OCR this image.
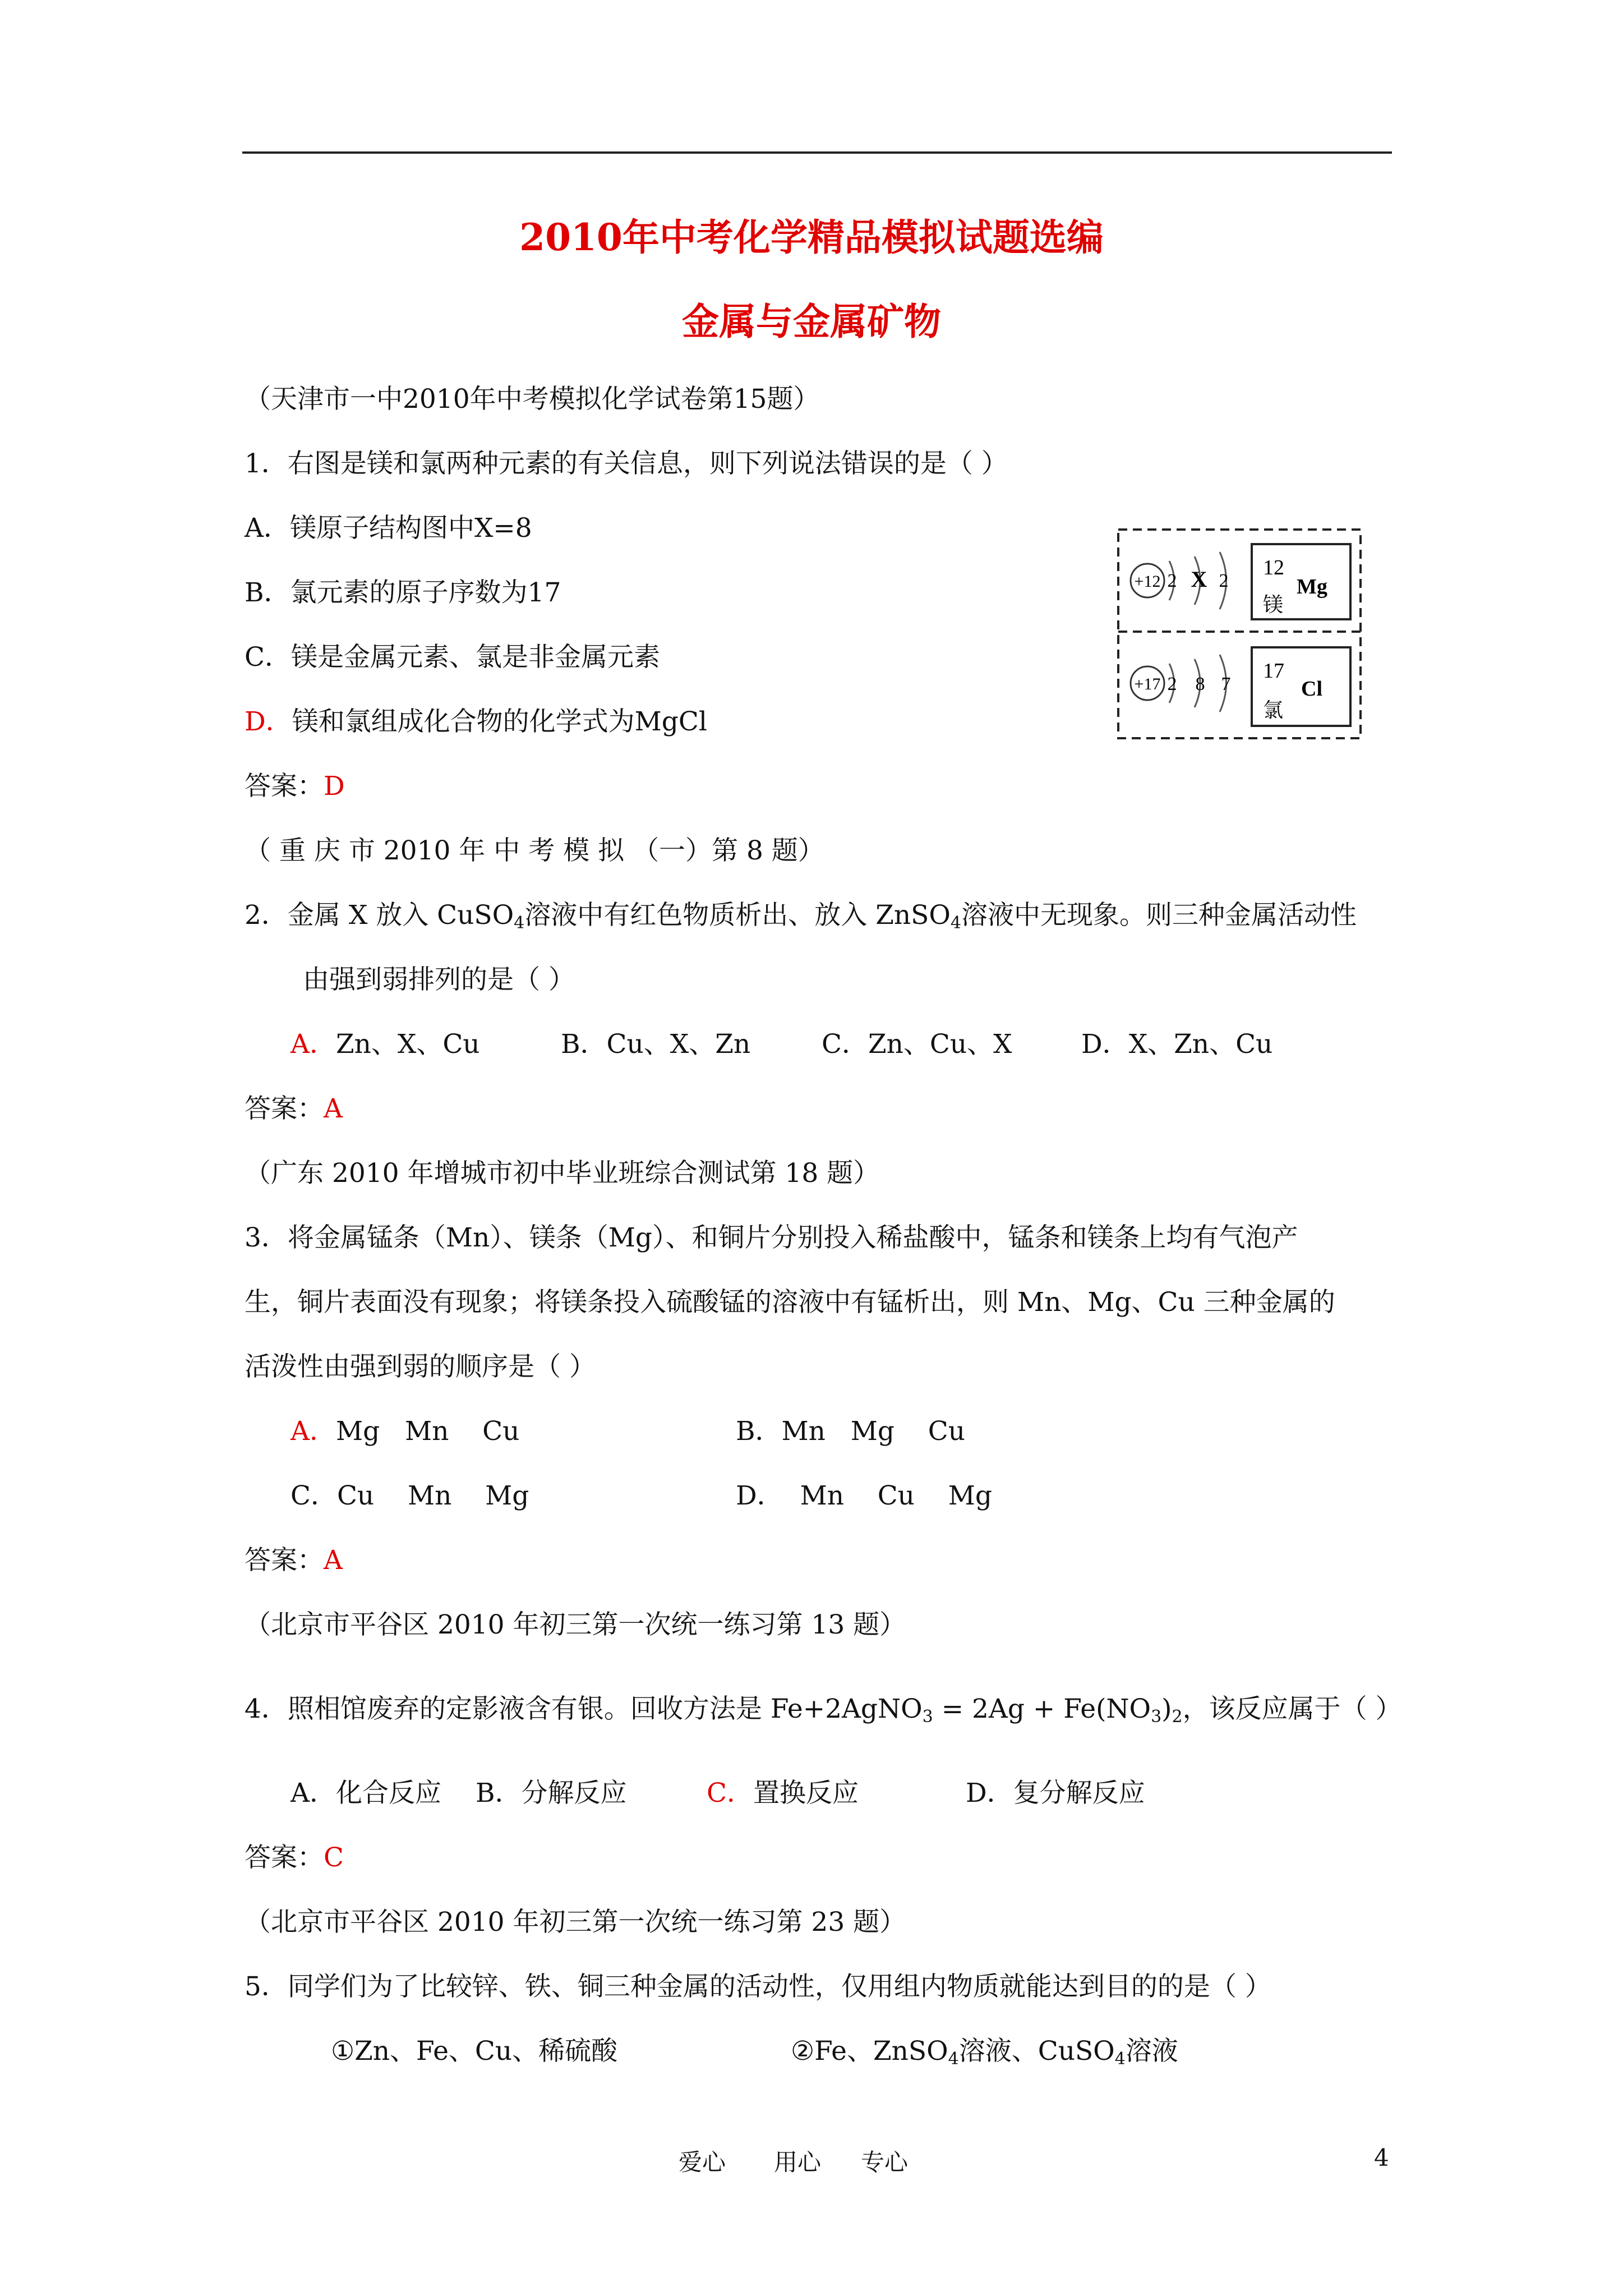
2010年中考化学精品模拟试题选编
金属与金属矿物
（天津市一中2010年中考模拟化学试卷第15题）
1．右图是镁和氯两种元素的有关信息，则下列说法错误的是（ ）
A．镁原子结构图中X=8
B．氯元素的原子序数为17
C．镁是金属元素、氯是非金属元素
D．镁和氯组成化合物的化学式为MgCl
答案：D
+12 2 X 2
12
Mg
镁
+17 2 8 7
17
Cl
氯
（ 重 庆 市 2010 年 中 考 模 拟 （一）第 8 题）
2．金属 X 放入 CuSO$_4$溶液中有红色物质析出、放入 ZnSO$_4$溶液中无现象。则三种金属活动性
由强到弱排列的是（ ）
A．Zn、X、Cu	B．Cu、X、Zn	C．Zn、Cu、X	D．X、Zn、Cu
答案：A
（广东 2010 年增城市初中毕业班综合测试第 18 题）
3．将金属锰条（Mn）、镁条（Mg）、和铜片分别投入稀盐酸中，锰条和镁条上均有气泡产
生，铜片表面没有现象；将镁条投入硫酸锰的溶液中有锰析出，则 Mn、Mg、Cu 三种金属的
活泼性由强到弱的顺序是（ ）
A．Mg   Mn    Cu	B．Mn   Mg    Cu
C．Cu    Mn    Mg	D．  Mn    Cu    Mg
答案：A
（北京市平谷区 2010 年初三第一次统一练习第 13 题）
4．照相馆废弃的定影液含有银。回收方法是 Fe+2AgNO$_3$ = $2Ag + Fe(NO_3)_2$，该反应属于（ ）
A．化合反应 B．分解反应	C．置换反应	D．复分解反应
答案：C
（北京市平谷区 2010 年初三第一次统一练习第 23 题）
5．同学们为了比较锌、铁、铜三种金属的活动性，仅用组内物质就能达到目的的是（ ）
①Zn、Fe、Cu、稀硫酸	②Fe、ZnSO$_4$溶液、CuSO$_4$溶液
爱心 用心 专心	4
